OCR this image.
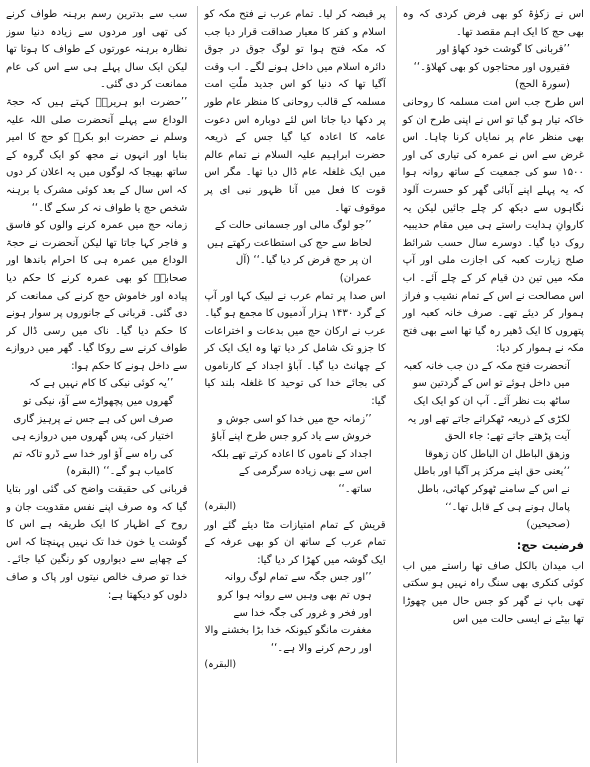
اس نے زکوٰۃ کو بھی فرض کردی کہ وہ بھی حج کا ایک اہم مقصد تھا۔
’’قربانی کا گوشت خود کھاؤ اور فقیروں اور محتاجوں کو بھی کھلاؤ۔‘‘ (سورۃ الحج)
اس طرح جب اس امت مسلمہ کا روحانی خاکہ تیار ہو گیا تو اس نے اپنی طرح ان کو بھی منظر عام پر نمایاں کرنا چاہا۔ اس غرض سے اس نے عمرہ کی تیاری کی اور ۱۵۰۰ سو کی جمعیت کے ساتھ روانہ ہوا کہ یہ پہلے اپنے آبائی گھر کو حسرت آلود نگاہوں سے دیکھ کر چلے جائیں لیکن یہ کاروانِ ہدایت راستے ہی میں مقام حدیبیہ روک دیا گیا۔ دوسرے سال حسب شرائط صلح زیارت کعبہ کی اجازت ملی اور آپ مکہ میں تین دن قیام کر کے چلے آئے۔ اب اس مصالحت نے اس کے تمام نشیب و فراز ہموار کر دیئے تھے۔ صرف خانہ کعبہ اور پتھروں کا ایک ڈھیر رہ گیا تھا اسے بھی فتح مکہ نے ہموار کر دیا:
آنحضرت فتح مکہ کے دن جب خانہ کعبہ میں داخل ہوئے تو اس کے گردتین سو ساٹھ بت نظر آئے۔ آپ ان کو ایک ایک لکڑی کے ذریعہ ٹھکراتے جاتے تھے اور یہ آیت پڑھتے جاتے تھے: جاء الحق
وزھق الباطل ان الباطل کان زھوقا ’’یعنی حق اپنے مرکز پر آگیا اور باطل نے اس کے سامنے ٹھوکر کھائی، باطل پامال ہونے ہی کے قابل تھا۔‘‘ (صحیحین)
فرضیت حج:
اب میدان بالکل صاف تھا راستے میں اب کوئی کنکری بھی سنگ راہ نہیں ہو سکتی تھی باپ نے گھر کو جس حال میں چھوڑا تھا بیٹے نے ایسی حالت میں اس
پر قبضہ کر لیا۔ تمام عرب نے فتح مکہ کو اسلام و کفر کا معیار صداقت قرار دیا جب کہ مکہ فتح ہوا تو لوگ جوق در جوق دائرہ اسلام میں داخل ہونے لگے۔ اب وقت آگیا تھا کہ دنیا کو اس جدید ملّتِ امت مسلمہ کے قالب روحانی کا منظر عام طور پر دکھا دیا جاتا اس لئے دوبارہ اس دعوت عامہ کا اعادہ کیا گیا جس کے ذریعہ حضرت ابراہیم علیہ السلام نے تمام عالم میں ایک غلغلہ عام ڈال دیا تھا۔ مگر اس قوت کا فعل میں آنا ظہور نبی ای پر موقوف تھا۔
’’جو لوگ مالی اور جسمانی حالت کے لحاظ سے حج کی استطاعت رکھتے ہیں ان پر حج فرض کر دیا گیا۔‘‘ (آل عمران)
اس صدا پر تمام عرب نے لبیک کہا اور آپ کے گرد ۱۴۳۰ ہزار آدمیوں کا مجمع ہو گیا۔ عرب نے ارکان حج میں بدعات و اختراعات کا جزو تک شامل کر دیا تھا وہ ایک ایک کر کے چھانٹ دیا گیا۔ آباؤ اجداد کے کارناموں کی بجائے خدا کی توحید کا غلغلہ بلند کیا گیا:
’’زمانہ حج میں خدا کو اسی جوش و خروش سے یاد کرو جس طرح اپنے آباؤ اجداد کے ناموں کا اعادہ کرتے تھے بلکہ اس سے بھی زیادہ سرگرمی کے ساتھ۔‘‘
(البقرہ)
قریش کے تمام امتیازات مٹا دیئے گئے اور تمام عرب کے ساتھ ان کو بھی عرفہ کے ایک گوشہ میں کھڑا کر دیا گیا:
’’اور جس جگہ سے تمام لوگ روانہ ہوں تم بھی وہیں سے روانہ ہوا کرو اور فخر و غرور کی جگہ خدا سے مغفرت مانگو کیونکہ خدا بڑا بخشنے والا اور رحم کرنے والا ہے۔‘‘
(البقرہ)
سب سے بدترین رسم برہنہ طواف کرنے کی تھی اور مردوں سے زیادہ دنیا سوز نظارہ برہنہ عورتوں کے طواف کا ہوتا تھا لیکن ایک سال پہلے ہی سے اس کی عام ممانعت کر دی گئی۔
’’حضرت ابو ہریرہؓ کہتے ہیں کہ حجۃ الوداع سے پہلے آنحضرت صلی اللہ علیہ وسلم نے حضرت ابو بکرؓ کو حج کا امیر بنایا اور انہوں نے مجھ کو ایک گروہ کے ساتھ بھیجا کہ لوگوں میں یہ اعلان کر دوں کہ اس سال کے بعد کوئی مشرک یا برہنہ شخص حج یا طواف نہ کر سکے گا۔‘‘
زمانہ حج میں عمرہ کرنے والوں کو فاسق و فاجر کہا جاتا تھا لیکن آنحضرت نے حجۃ الوداع میں عمرہ ہی کا احرام باندھا اور صحابہؓ کو بھی عمرہ کرنے کا حکم دیا پیادہ اور خاموش حج کرنے کی ممانعت کر دی گئی۔ قربانی کے جانوروں پر سوار ہونے کا حکم دیا گیا۔ ناک میں رسی ڈال کر طواف کرنے سے روکا گیا۔ گھر میں دروازے سے داخل ہونے کا حکم ہوا:
’’یہ کوئی نیکی کا کام نہیں ہے کہ گھروں میں پچھواڑے سے آؤ، نیکی تو صرف اس کی ہے جس نے پرہیز گاری اختیار کی، پس گھروں میں دروازے ہی کی راہ سے آؤ اور خدا سے ڈرو تاکہ تم کامیاب ہو گے۔‘‘ (البقرہ)
قربانی کی حقیقت واضح کی گئی اور بتایا گیا کہ وہ صرف اپنے نفس مقدویت جان و روح کے اظہار کا ایک طریقہ ہے اس کا گوشت یا خون خدا تک نہیں پہنچتا کہ اس کے چھاپے سے دیواروں کو رنگین کیا جائے۔ خدا تو صرف خالص نیتوں اور پاک و صاف دلوں کو دیکھتا ہے:
